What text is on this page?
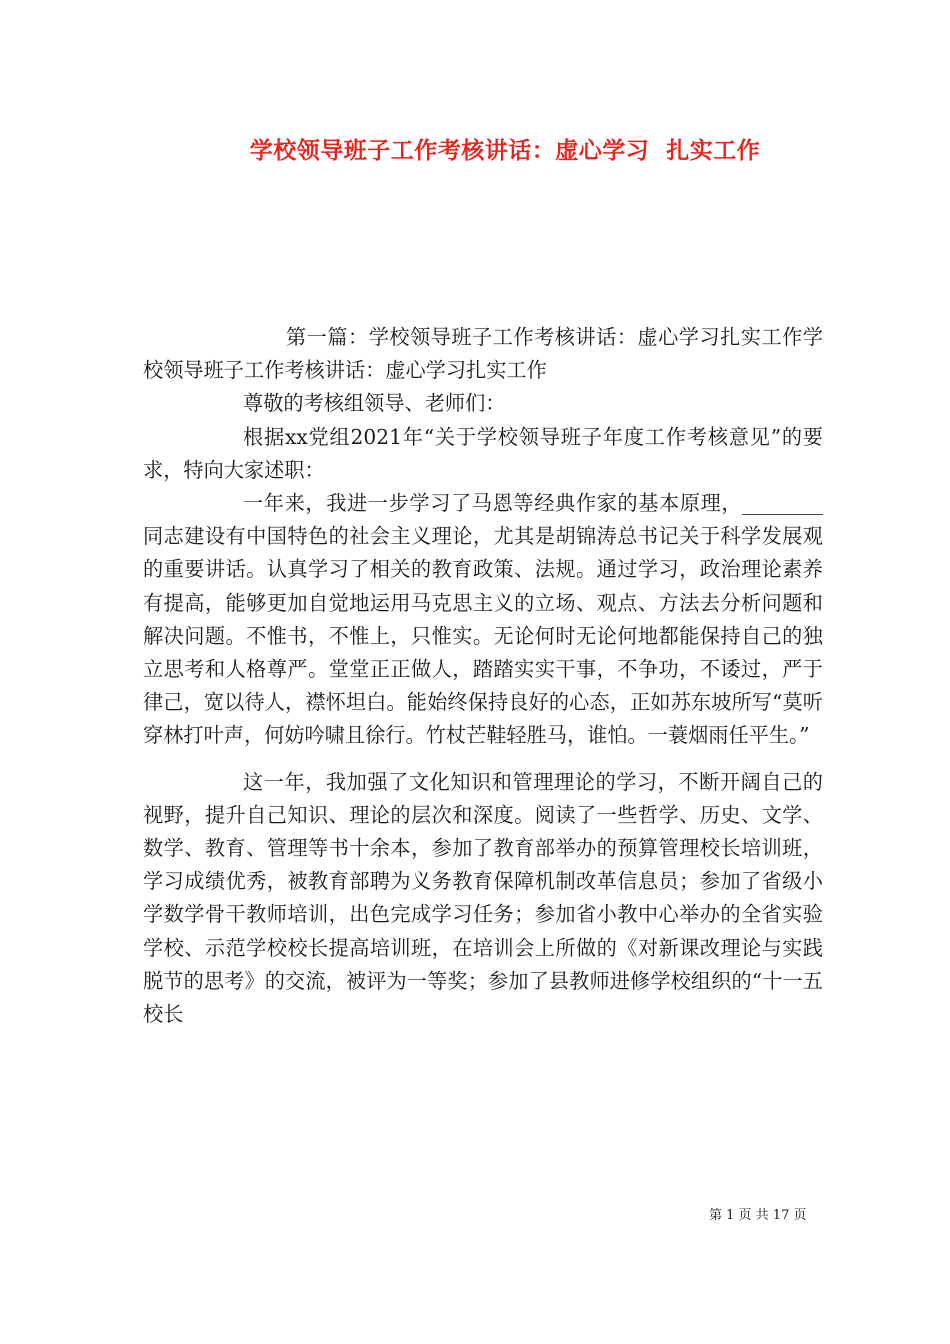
学校领导班子工作考核讲话：虚心学习  扎实工作

第一篇：学校领导班子工作考核讲话：虚心学习扎实工作学校领导班子工作考核讲话：虚心学习扎实工作

尊敬的考核组领导、老师们：

根据xx党组2021年“关于学校领导班子年度工作考核意见”的要求，特向大家述职：

一年来，我进一步学习了马恩等经典作家的基本原理，________同志建设有中国特色的社会主义理论，尤其是胡锦涛总书记关于科学发展观的重要讲话。认真学习了相关的教育政策、法规。通过学习，政治理论素养有提高，能够更加自觉地运用马克思主义的立场、观点、方法去分析问题和解决问题。不惟书，不惟上，只惟实。无论何时无论何地都能保持自己的独立思考和人格尊严。堂堂正正做人，踏踏实实干事，不争功，不诿过，严于律己，宽以待人，襟怀坦白。能始终保持良好的心态，正如苏东坡所写“莫听穿林打叶声，何妨吟啸且徐行。竹杖芒鞋轻胜马，谁怕。一蓑烟雨任平生。”

这一年，我加强了文化知识和管理理论的学习，不断开阔自己的视野，提升自己知识、理论的层次和深度。阅读了一些哲学、历史、文学、数学、教育、管理等书十余本，参加了教育部举办的预算管理校长培训班，学习成绩优秀，被教育部聘为义务教育保障机制改革信息员；参加了省级小学数学骨干教师培训，出色完成学习任务；参加省小教中心举办的全省实验学校、示范学校校长提高培训班，在培训会上所做的《对新课改理论与实践脱节的思考》的交流，被评为一等奖；参加了县教师进修学校组织的“十一五校长

第 1 页 共 17 页
